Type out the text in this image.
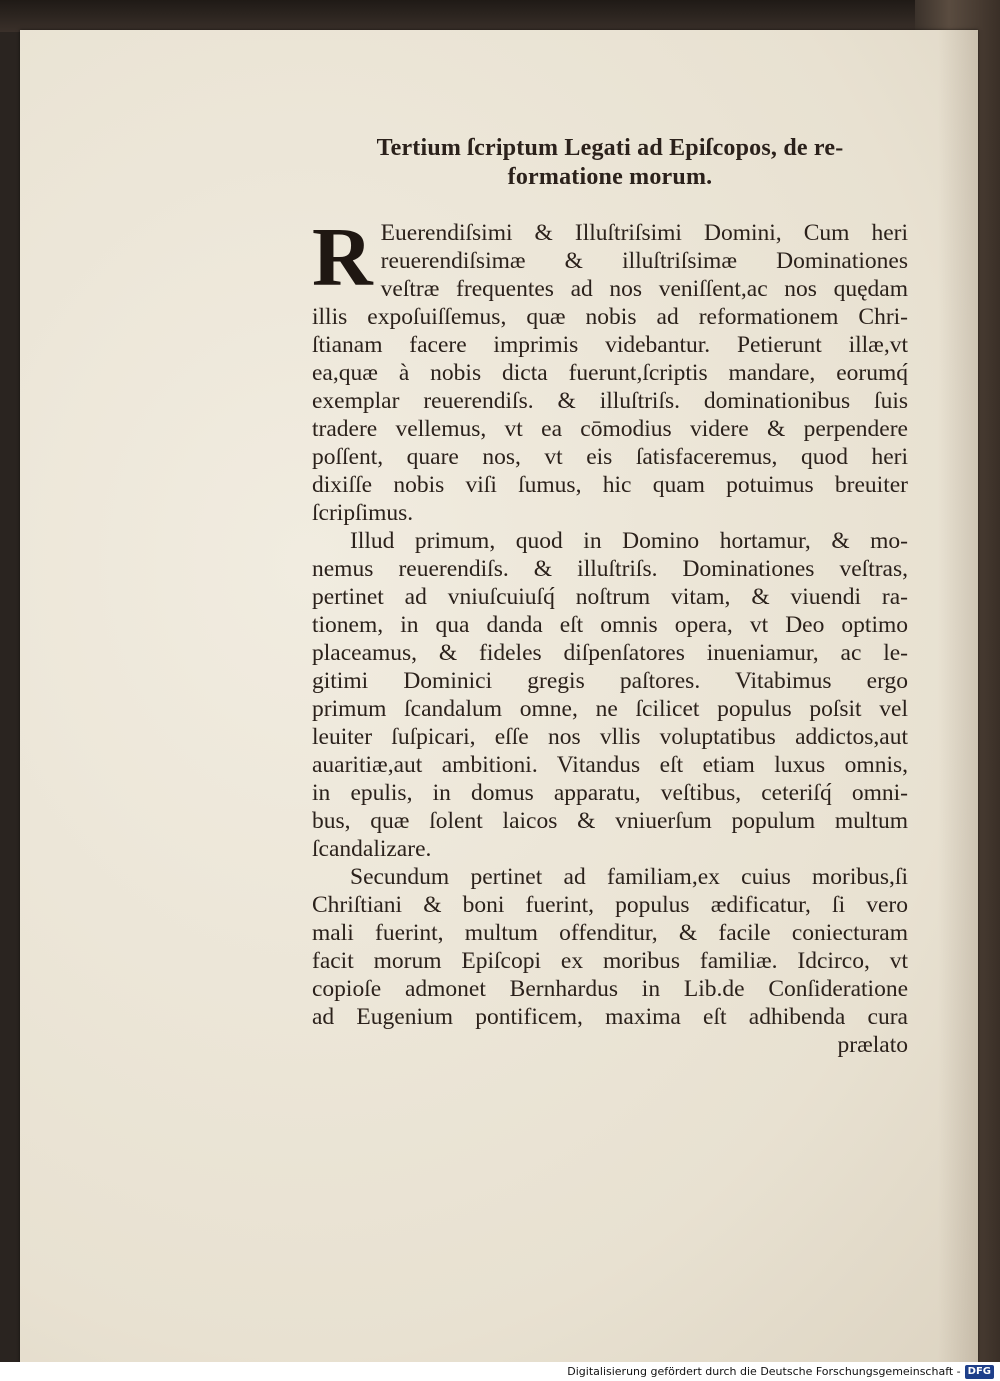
Tertium ſcriptum Legati ad Epiſcopos, de re-
formatione morum.
R Euerendiſsimi & Illuſtriſsimi Domini, Cum heri
reuerendiſsimæ & illuſtriſsimæ Dominationes
veſtræ frequentes ad nos veniſſent,ac nos quędam
illis expoſuiſſemus, quæ nobis ad reformationem Chri-
ſtianam facere imprimis videbantur. Petierunt illæ,vt
ea,quæ à nobis dicta fuerunt,ſcriptis mandare, eorumq́
exemplar reuerendiſs. & illuſtriſs. dominationibus ſuis
tradere vellemus, vt ea cōmodius videre & perpendere
poſſent, quare nos, vt eis ſatisfaceremus, quod heri
dixiſſe nobis viſi ſumus, hic quam potuimus breuiter
ſcripſimus.
Illud primum, quod in Domino hortamur, & mo-
nemus reuerendiſs. & illuſtriſs. Dominationes veſtras,
pertinet ad vniuſcuiuſq́ noſtrum vitam, & viuendi ra-
tionem, in qua danda eſt omnis opera, vt Deo optimo
placeamus, & fideles diſpenſatores inueniamur, ac le-
gitimi Dominici gregis paſtores. Vitabimus ergo
primum ſcandalum omne, ne ſcilicet populus poſsit vel
leuiter ſuſpicari, eſſe nos vllis voluptatibus addictos,aut
auaritiæ,aut ambitioni. Vitandus eſt etiam luxus omnis,
in epulis, in domus apparatu, veſtibus, ceteriſq́ omni-
bus, quæ ſolent laicos & vniuerſum populum multum
ſcandalizare.
Secundum pertinet ad familiam,ex cuius moribus,ſi
Chriſtiani & boni fuerint, populus ædificatur, ſi vero
mali fuerint, multum offenditur, & facile coniecturam
facit morum Epiſcopi ex moribus familiæ. Idcirco, vt
copioſe admonet Bernhardus in Lib.de Conſideratione
ad Eugenium pontificem, maxima eſt adhibenda cura
prælato
Digitalisierung gefördert durch die Deutsche Forschungsgemeinschaft - DFG
